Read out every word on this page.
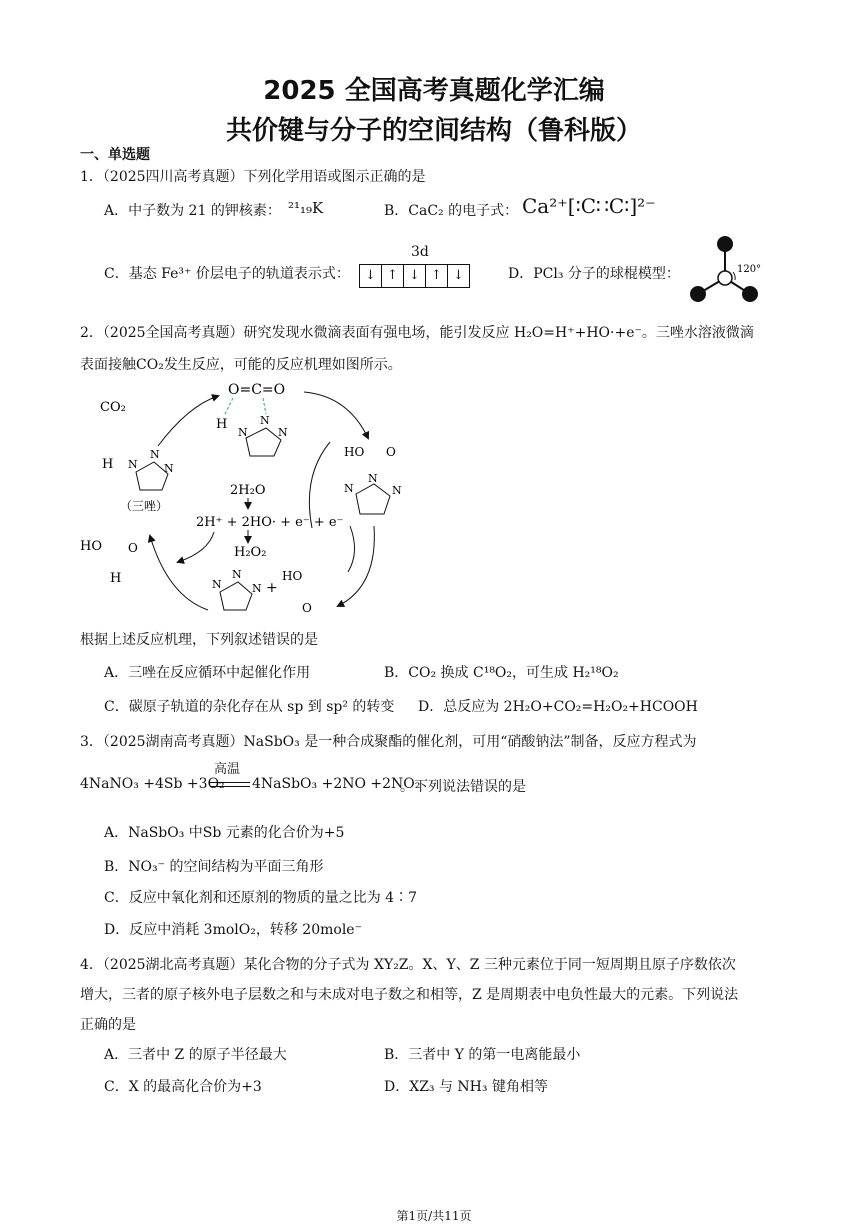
2025 全国高考真题化学汇编
共价键与分子的空间结构（鲁科版）
一、单选题
1．（2025四川高考真题）下列化学用语或图示正确的是
A．中子数为 21 的钾核素： ²¹₁₉K	B．CaC₂ 的电子式： Ca²⁺[∶C∷C∶]²⁻
C．基态 Fe³⁺ 价层电子的轨道表示式：
3d
↓ ↑ ↓ ↑ ↓	D．PCl₃ 分子的球棍模型：	120°
2．（2025全国高考真题）研究发现水微滴表面有强电场，能引发反应 H₂O=H⁺+HO·+e⁻。三唑水溶液微滴
表面接触CO₂发生反应，可能的反应机理如图所示。
O=C=O
H
N
N
N
CO₂
H N
N
N
（三唑）
2H₂O
2H⁺ + 2HO· + e⁻ + e⁻
H₂O₂
HO O
N
N
N
N
N
N +
HO
O
HO O
H
根据上述反应机理，下列叙述错误的是
A．三唑在反应循环中起催化作用	B．CO₂ 换成 C¹⁸O₂，可生成 H₂¹⁸O₂
C．碳原子轨道的杂化存在从 sp 到 sp² 的转变 D．总反应为 2H₂O+CO₂=H₂O₂+HCOOH
3．（2025湖南高考真题）NaSbO₃ 是一种合成聚酯的催化剂，可用“硝酸钠法”制备，反应方程式为
4NaNO₃ +4Sb +3O₂
高温
4NaSbO₃ +2NO +2NO₂
。下列说法错误的是
A．NaSbO₃ 中Sb 元素的化合价为+5
B．NO₃⁻ 的空间结构为平面三角形
C．反应中氧化剂和还原剂的物质的量之比为 4∶7
D．反应中消耗 3molO₂，转移 20mole⁻
4．（2025湖北高考真题）某化合物的分子式为 XY₂Z。X、Y、Z 三种元素位于同一短周期且原子序数依次
增大，三者的原子核外电子层数之和与未成对电子数之和相等，Z 是周期表中电负性最大的元素。下列说法
正确的是
A．三者中 Z 的原子半径最大	B．三者中 Y 的第一电离能最小
C．X 的最高化合价为+3	D．XZ₃ 与 NH₃ 键角相等
第1页/共11页
